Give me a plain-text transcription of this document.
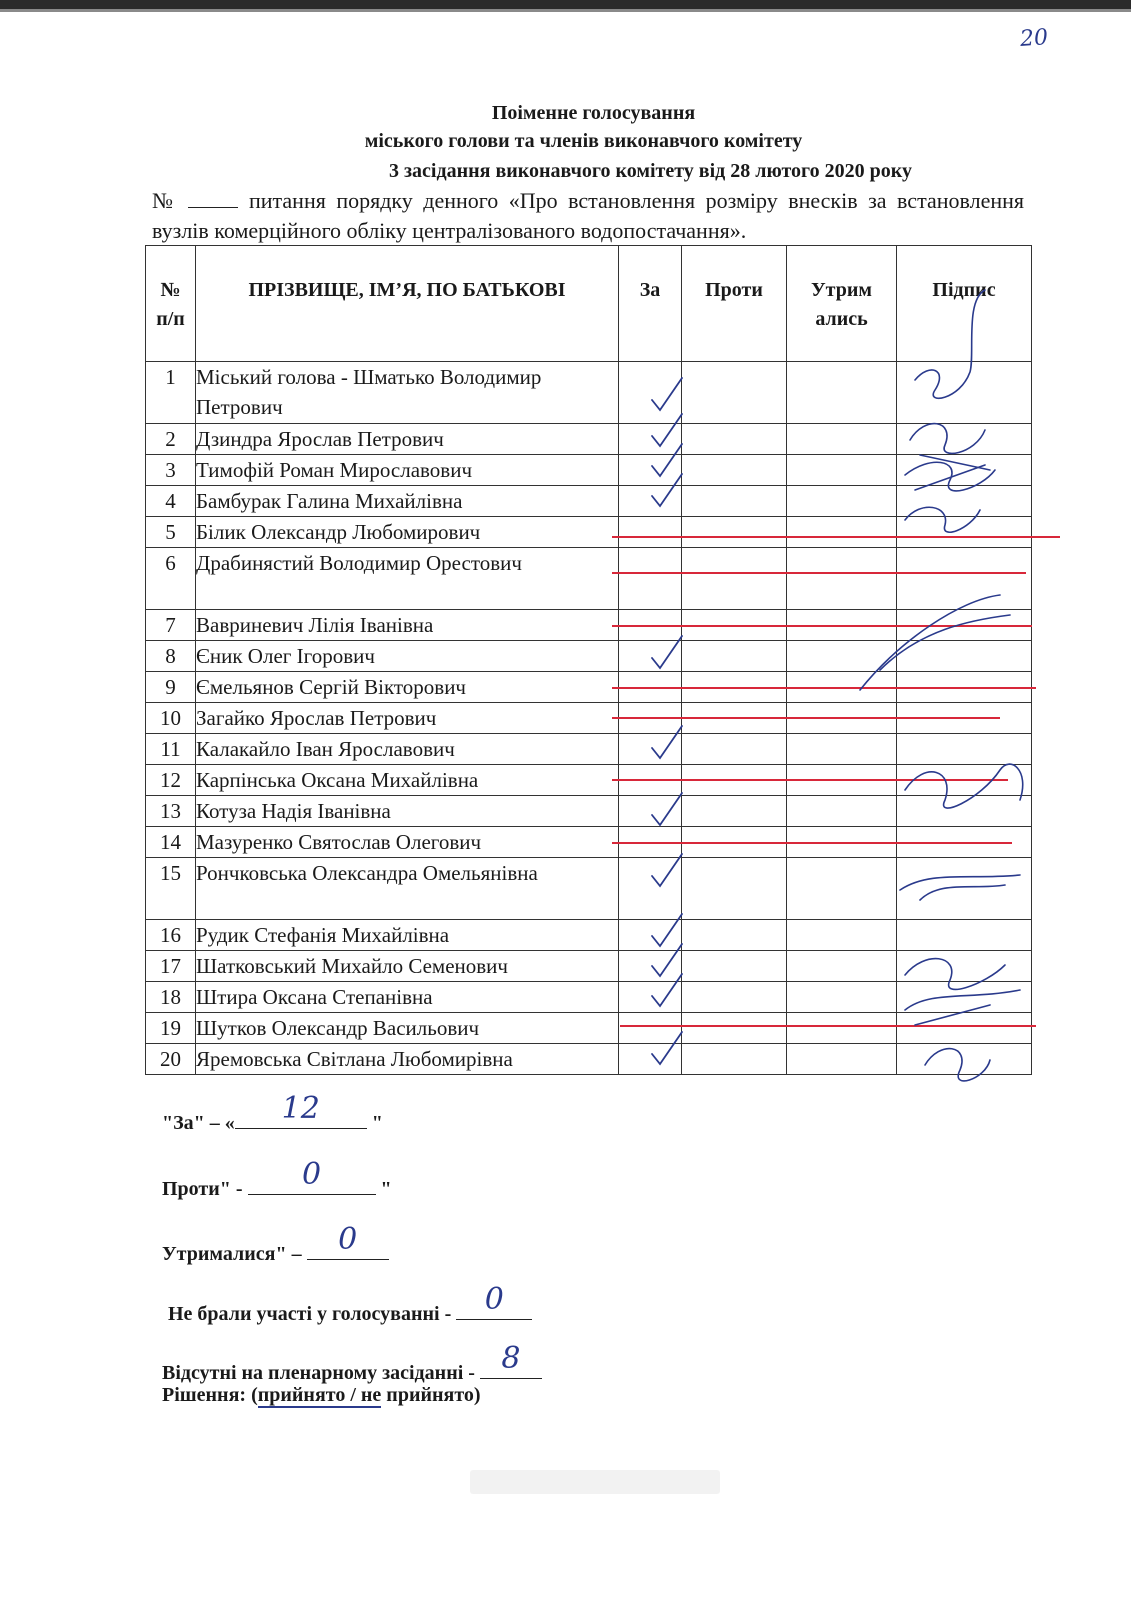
20
Поіменне голосування
міського голови та членів виконавчого комітету
3 засідання виконавчого комітету від 28 лютого 2020 року
№	питання порядку денного «Про встановлення розміру внесків за встановлення вузлів комерційного обліку централізованого водопостачання».
№ п/п	ПРІЗВИЩЕ, ІМ’Я, ПО БАТЬКОВІ	За	Проти	Утрим ались	Підпис
1	Міський голова - Шматько Володимир Петрович				
2	Дзиндра Ярослав Петрович				
3	Тимофій Роман Мирославович				
4	Бамбурак Галина Михайлівна				
5	Білик Олександр Любомирович				
6	Драбинястий Володимир Орестович				
7	Вавриневич Лілія Іванівна				
8	Єник Олег Ігорович				
9	Ємельянов Сергій Вікторович				
10	Загайко Ярослав Петрович				
11	Калакайло Іван Ярославович				
12	Карпінська Оксана Михайлівна				
13	Котуза Надія Іванівна				
14	Мазуренко Святослав Олегович				
15	Рончковська Олександра Омельянівна				
16	Рудик Стефанія Михайлівна				
17	Шатковський Михайло Семенович				
18	Штира Оксана Степанівна				
19	Шутков Олександр Васильович				
20	Яремовська Світлана Любомирівна				
"За" – «	12	"
Проти" -	0	"
Утрималися" –	0
Не брали участі у голосуванні - 0
Відсутні на пленарному засіданні - 8
Рішення: (прийнято / не прийнято)
